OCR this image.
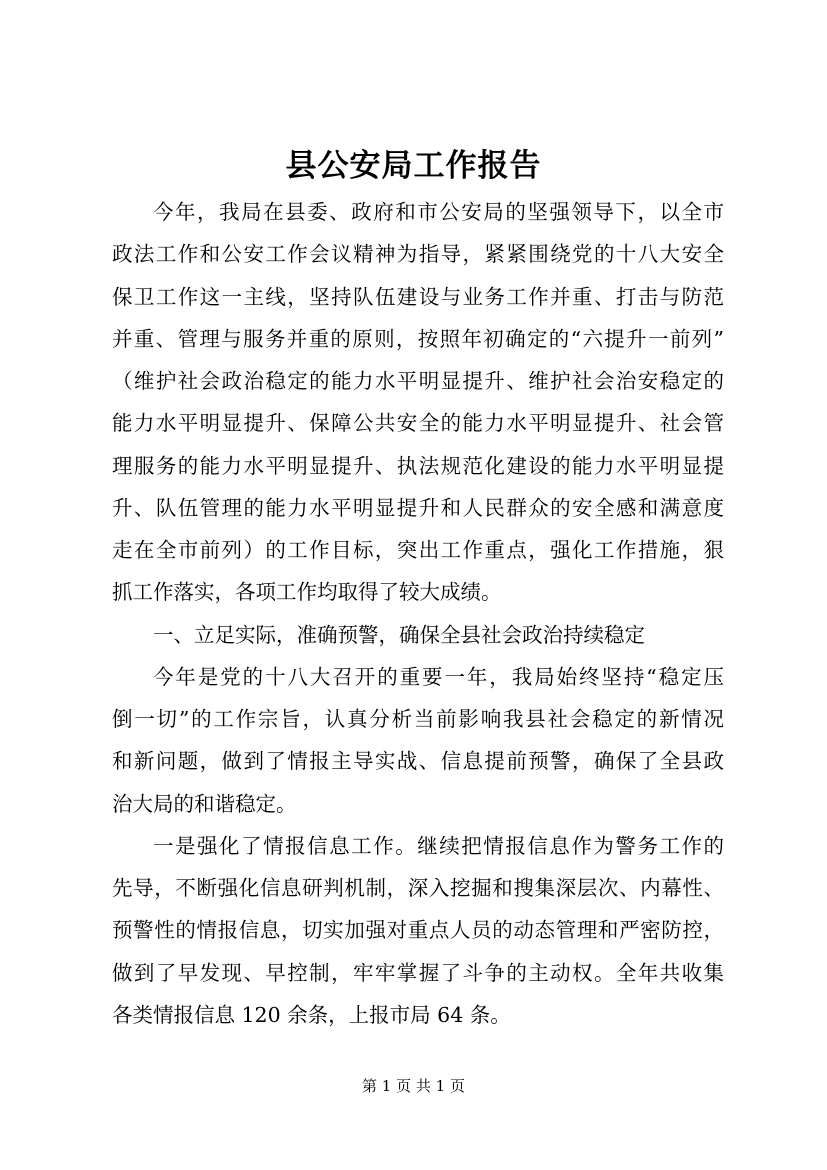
县公安局工作报告
今年，我局在县委、政府和市公安局的坚强领导下，以全市
政法工作和公安工作会议精神为指导，紧紧围绕党的十八大安全
保卫工作这一主线，坚持队伍建设与业务工作并重、打击与防范
并重、管理与服务并重的原则，按照年初确定的“六提升一前列”
（维护社会政治稳定的能力水平明显提升、维护社会治安稳定的
能力水平明显提升、保障公共安全的能力水平明显提升、社会管
理服务的能力水平明显提升、执法规范化建设的能力水平明显提
升、队伍管理的能力水平明显提升和人民群众的安全感和满意度
走在全市前列）的工作目标，突出工作重点，强化工作措施，狠
抓工作落实，各项工作均取得了较大成绩。
一、立足实际，准确预警，确保全县社会政治持续稳定
今年是党的十八大召开的重要一年，我局始终坚持“稳定压
倒一切”的工作宗旨，认真分析当前影响我县社会稳定的新情况
和新问题，做到了情报主导实战、信息提前预警，确保了全县政
治大局的和谐稳定。
一是强化了情报信息工作。继续把情报信息作为警务工作的
先导，不断强化信息研判机制，深入挖掘和搜集深层次、内幕性、
预警性的情报信息，切实加强对重点人员的动态管理和严密防控，
做到了早发现、早控制，牢牢掌握了斗争的主动权。全年共收集
各类情报信息 120 余条，上报市局 64 条。
第 1 页 共 1 页
